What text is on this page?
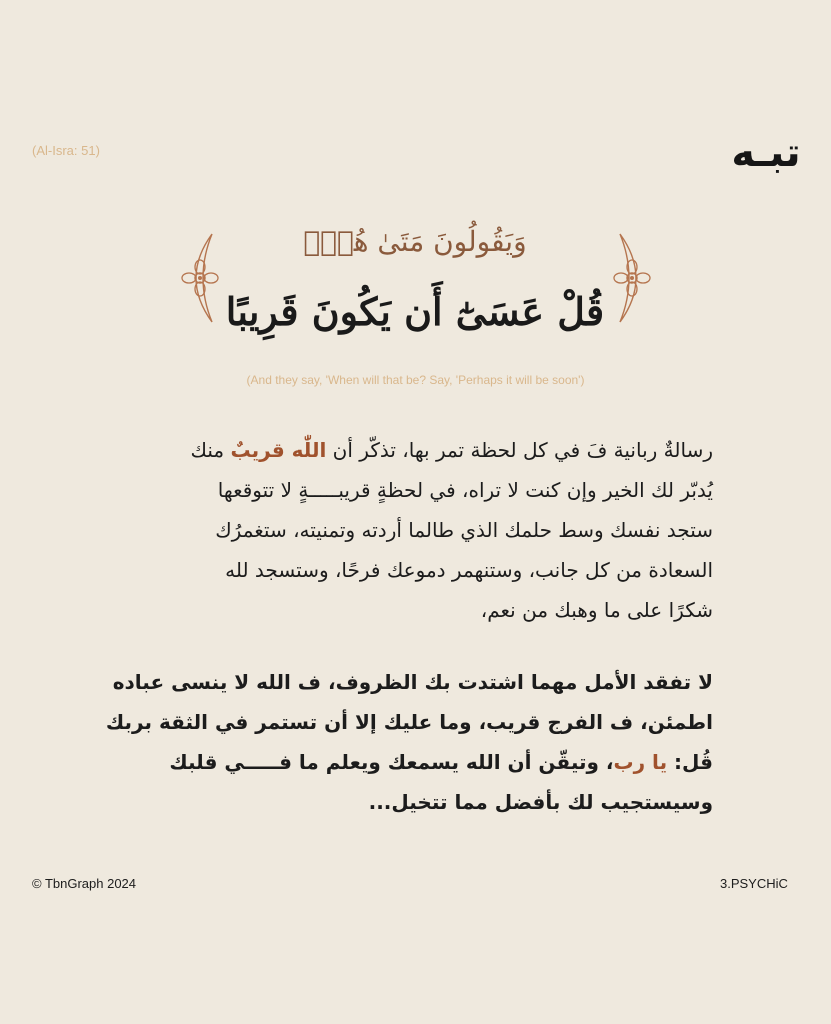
تبـه
(Al-Isra: 51)
وَيَقُولُونَ مَتَىٰ هُوَۖ
قُلْ عَسَىٰٓ أَن يَكُونَ قَرِيبًا
(And they say, 'When will that be? Say, 'Perhaps it will be soon')
رسالةٌ ربانية فَ في كل لحظة تمر بها، تذكّر أن اللّٰه قريبٌ منك
يُدبّر لك الخير وإن كنت لا تراه، في لحظةٍ قريبـــــةٍ لا تتوقعها
ستجد نفسك وسط حلمك الذي طالما أردته وتمنيته، ستغمرُك
السعادة من كل جانب، وستنهمر دموعك فرحًا، وستسجد لله
شكرًا على ما وهبك من نعم،
لا تفقد الأمل مهما اشتدت بك الظروف، ف الله لا ينسى عباده
اطمئن، ف الفرج قريب، وما عليك إلا أن تستمر في الثقة بربك
قُل: يا رب، وتيقّن أن الله يسمعك ويعلم ما فـــــي قلبك
وسيستجيب لك بأفضل مما تتخيل...
© TbnGraph 2024	3.PSYCHiC
